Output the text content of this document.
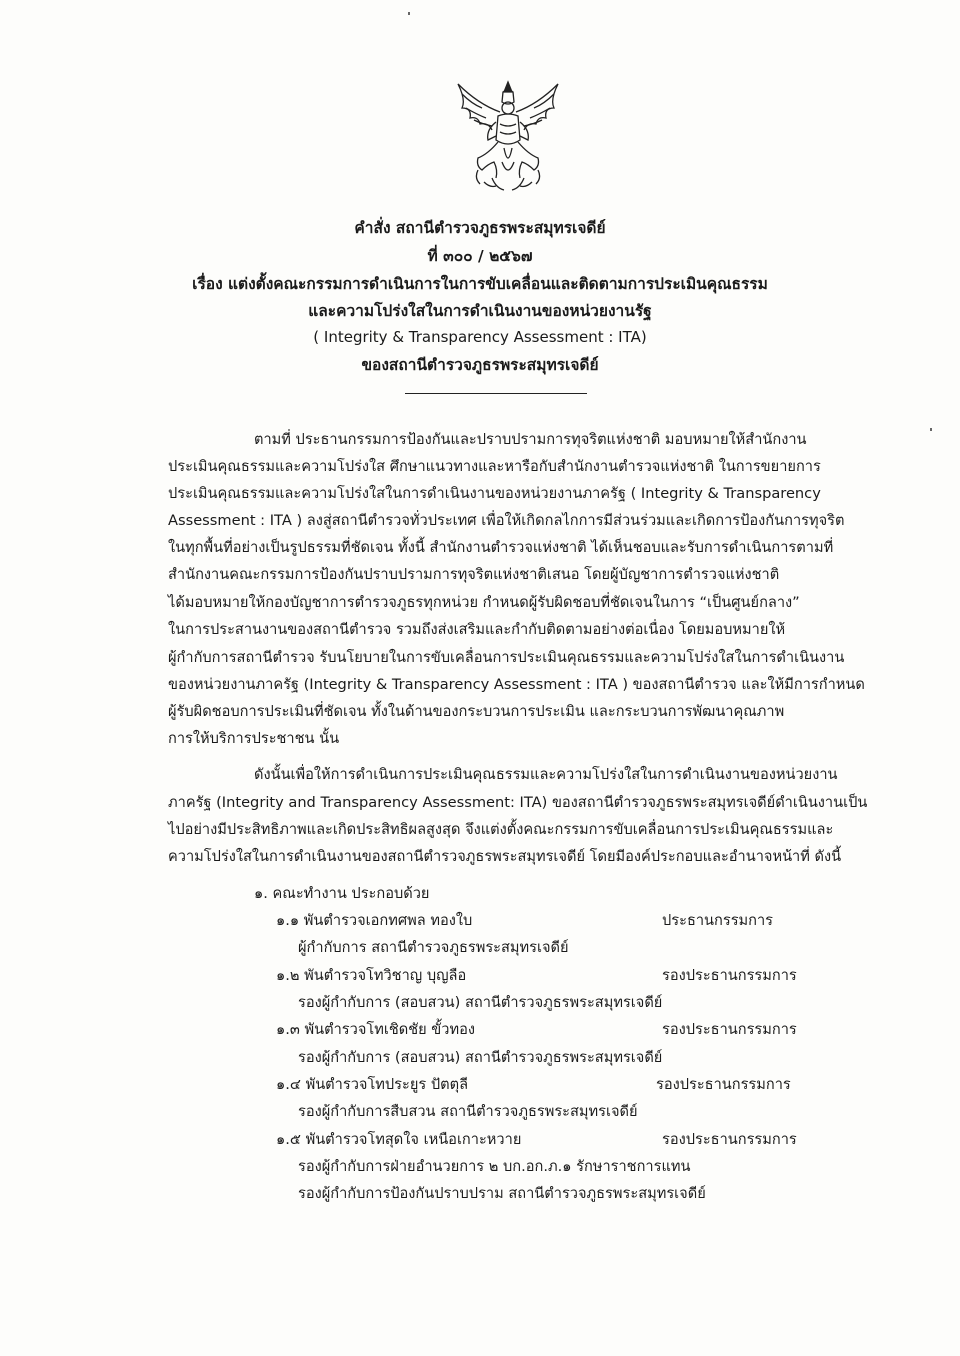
คำสั่ง สถานีตำรวจภูธรพระสมุทรเจดีย์
ที่ ๓๐๐ / ๒๕๖๗
เรื่อง แต่งตั้งคณะกรรมการดำเนินการในการขับเคลื่อนและติดตามการประเมินคุณธรรม
และความโปร่งใสในการดำเนินงานของหน่วยงานรัฐ
( Integrity & Transparency Assessment : ITA)
ของสถานีตำรวจภูธรพระสมุทรเจดีย์
ตามที่ ประธานกรรมการป้องกันและปราบปรามการทุจริตแห่งชาติ มอบหมายให้สำนักงาน
ประเมินคุณธรรมและความโปร่งใส ศึกษาแนวทางและหารือกับสำนักงานตำรวจแห่งชาติ ในการขยายการ
ประเมินคุณธรรมและความโปร่งใสในการดำเนินงานของหน่วยงานภาครัฐ ( Integrity & Transparency
Assessment : ITA ) ลงสู่สถานีตำรวจทั่วประเทศ เพื่อให้เกิดกลไกการมีส่วนร่วมและเกิดการป้องกันการทุจริต
ในทุกพื้นที่อย่างเป็นรูปธรรมที่ชัดเจน ทั้งนี้ สำนักงานตำรวจแห่งชาติ ได้เห็นชอบและรับการดำเนินการตามที่
สำนักงานคณะกรรมการป้องกันปราบปรามการทุจริตแห่งชาติเสนอ โดยผู้บัญชาการตำรวจแห่งชาติ
ได้มอบหมายให้กองบัญชาการตำรวจภูธรทุกหน่วย กำหนดผู้รับผิดชอบที่ชัดเจนในการ “เป็นศูนย์กลาง”
ในการประสานงานของสถานีตำรวจ รวมถึงส่งเสริมและกำกับติดตามอย่างต่อเนื่อง โดยมอบหมายให้
ผู้กำกับการสถานีตำรวจ รับนโยบายในการขับเคลื่อนการประเมินคุณธรรมและความโปร่งใสในการดำเนินงาน
ของหน่วยงานภาครัฐ (Integrity & Transparency Assessment : ITA ) ของสถานีตำรวจ และให้มีการกำหนด
ผู้รับผิดชอบการประเมินที่ชัดเจน ทั้งในด้านของกระบวนการประเมิน และกระบวนการพัฒนาคุณภาพ
การให้บริการประชาชน นั้น
ดังนั้นเพื่อให้การดำเนินการประเมินคุณธรรมและความโปร่งใสในการดำเนินงานของหน่วยงาน
ภาครัฐ (Integrity and Transparency Assessment: ITA) ของสถานีตำรวจภูธรพระสมุทรเจดีย์ดำเนินงานเป็น
ไปอย่างมีประสิทธิภาพและเกิดประสิทธิผลสูงสุด จึงแต่งตั้งคณะกรรมการขับเคลื่อนการประเมินคุณธรรมและ
ความโปร่งใสในการดำเนินงานของสถานีตำรวจภูธรพระสมุทรเจดีย์ โดยมีองค์ประกอบและอำนาจหน้าที่ ดังนี้
๑. คณะทำงาน ประกอบด้วย
๑.๑ พันตำรวจเอกทศพล ทองใบ	ประธานกรรมการ
ผู้กำกับการ สถานีตำรวจภูธรพระสมุทรเจดีย์
๑.๒ พันตำรวจโทวิชาญ บุญลือ	รองประธานกรรมการ
รองผู้กำกับการ (สอบสวน) สถานีตำรวจภูธรพระสมุทรเจดีย์
๑.๓ พันตำรวจโทเชิดชัย ขั้วทอง	รองประธานกรรมการ
รองผู้กำกับการ (สอบสวน) สถานีตำรวจภูธรพระสมุทรเจดีย์
๑.๔ พันตำรวจโทประยูร ปัตตุลี	รองประธานกรรมการ
รองผู้กำกับการสืบสวน สถานีตำรวจภูธรพระสมุทรเจดีย์
๑.๕ พันตำรวจโทสุดใจ เหนือเกาะหวาย	รองประธานกรรมการ
รองผู้กำกับการฝ่ายอำนวยการ ๒ บก.อก.ภ.๑ รักษาราชการแทน
รองผู้กำกับการป้องกันปราบปราม สถานีตำรวจภูธรพระสมุทรเจดีย์
